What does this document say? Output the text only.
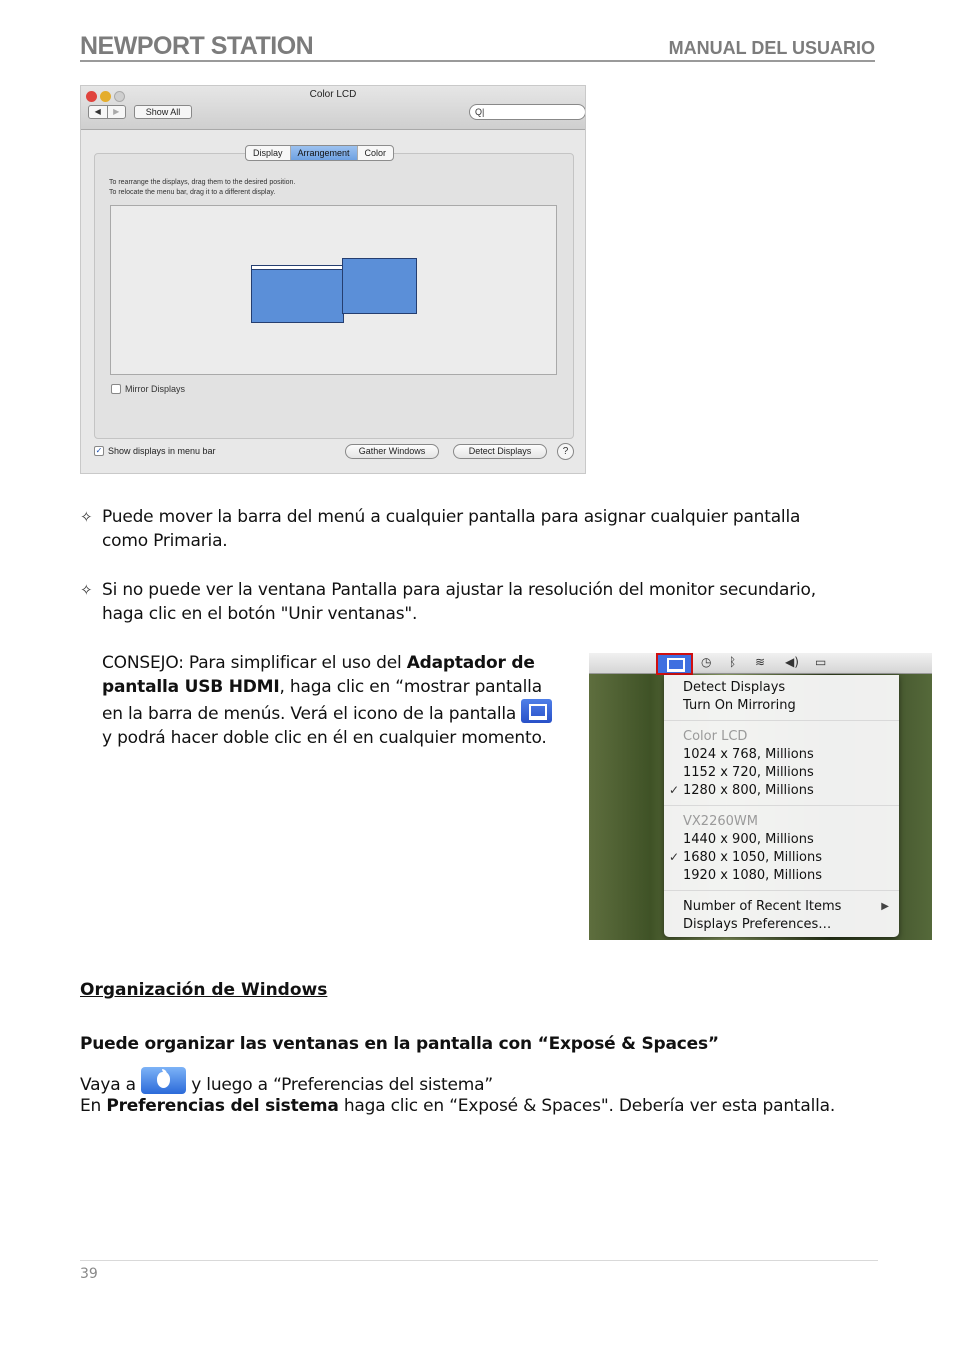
NEWPORT STATION	MANUAL DEL USUARIO
Color LCD
◀	▶	Show All	Q|
Display	Arrangement	Color
To rearrange the displays, drag them to the desired position.
To relocate the menu bar, drag it to a different display.
Mirror Displays
✓ Show displays in menu bar	Gather Windows	Detect Displays	?
✧ Puede mover la barra del menú a cualquier pantalla para asignar cualquier pantalla como Primaria.
✧ Si no puede ver la ventana Pantalla para ajustar la resolución del monitor secundario, haga clic en el botón "Unir ventanas".
CONSEJO: Para simplificar el uso del Adaptador de pantalla USB HDMI, haga clic en “mostrar pantalla en la barra de menús. Verá el icono de la pantalla  y podrá hacer doble clic en él en cualquier momento.
◷ ᛒ ≋ ◀) ▭
Detect Displays
Turn On Mirroring
Color LCD
1024 x 768, Millions
1152 x 720, Millions
1280 x 800, Millions
✓
VX2260WM
1440 x 900, Millions
1680 x 1050, Millions
✓
1920 x 1080, Millions
Number of Recent Items	▶
Displays Preferences…
Organización de Windows
Puede organizar las ventanas en la pantalla con “Exposé & Spaces”
Vaya a	y luego a “Preferencias del sistema”
En Preferencias del sistema haga clic en “Exposé & Spaces". Debería ver esta pantalla.
39
